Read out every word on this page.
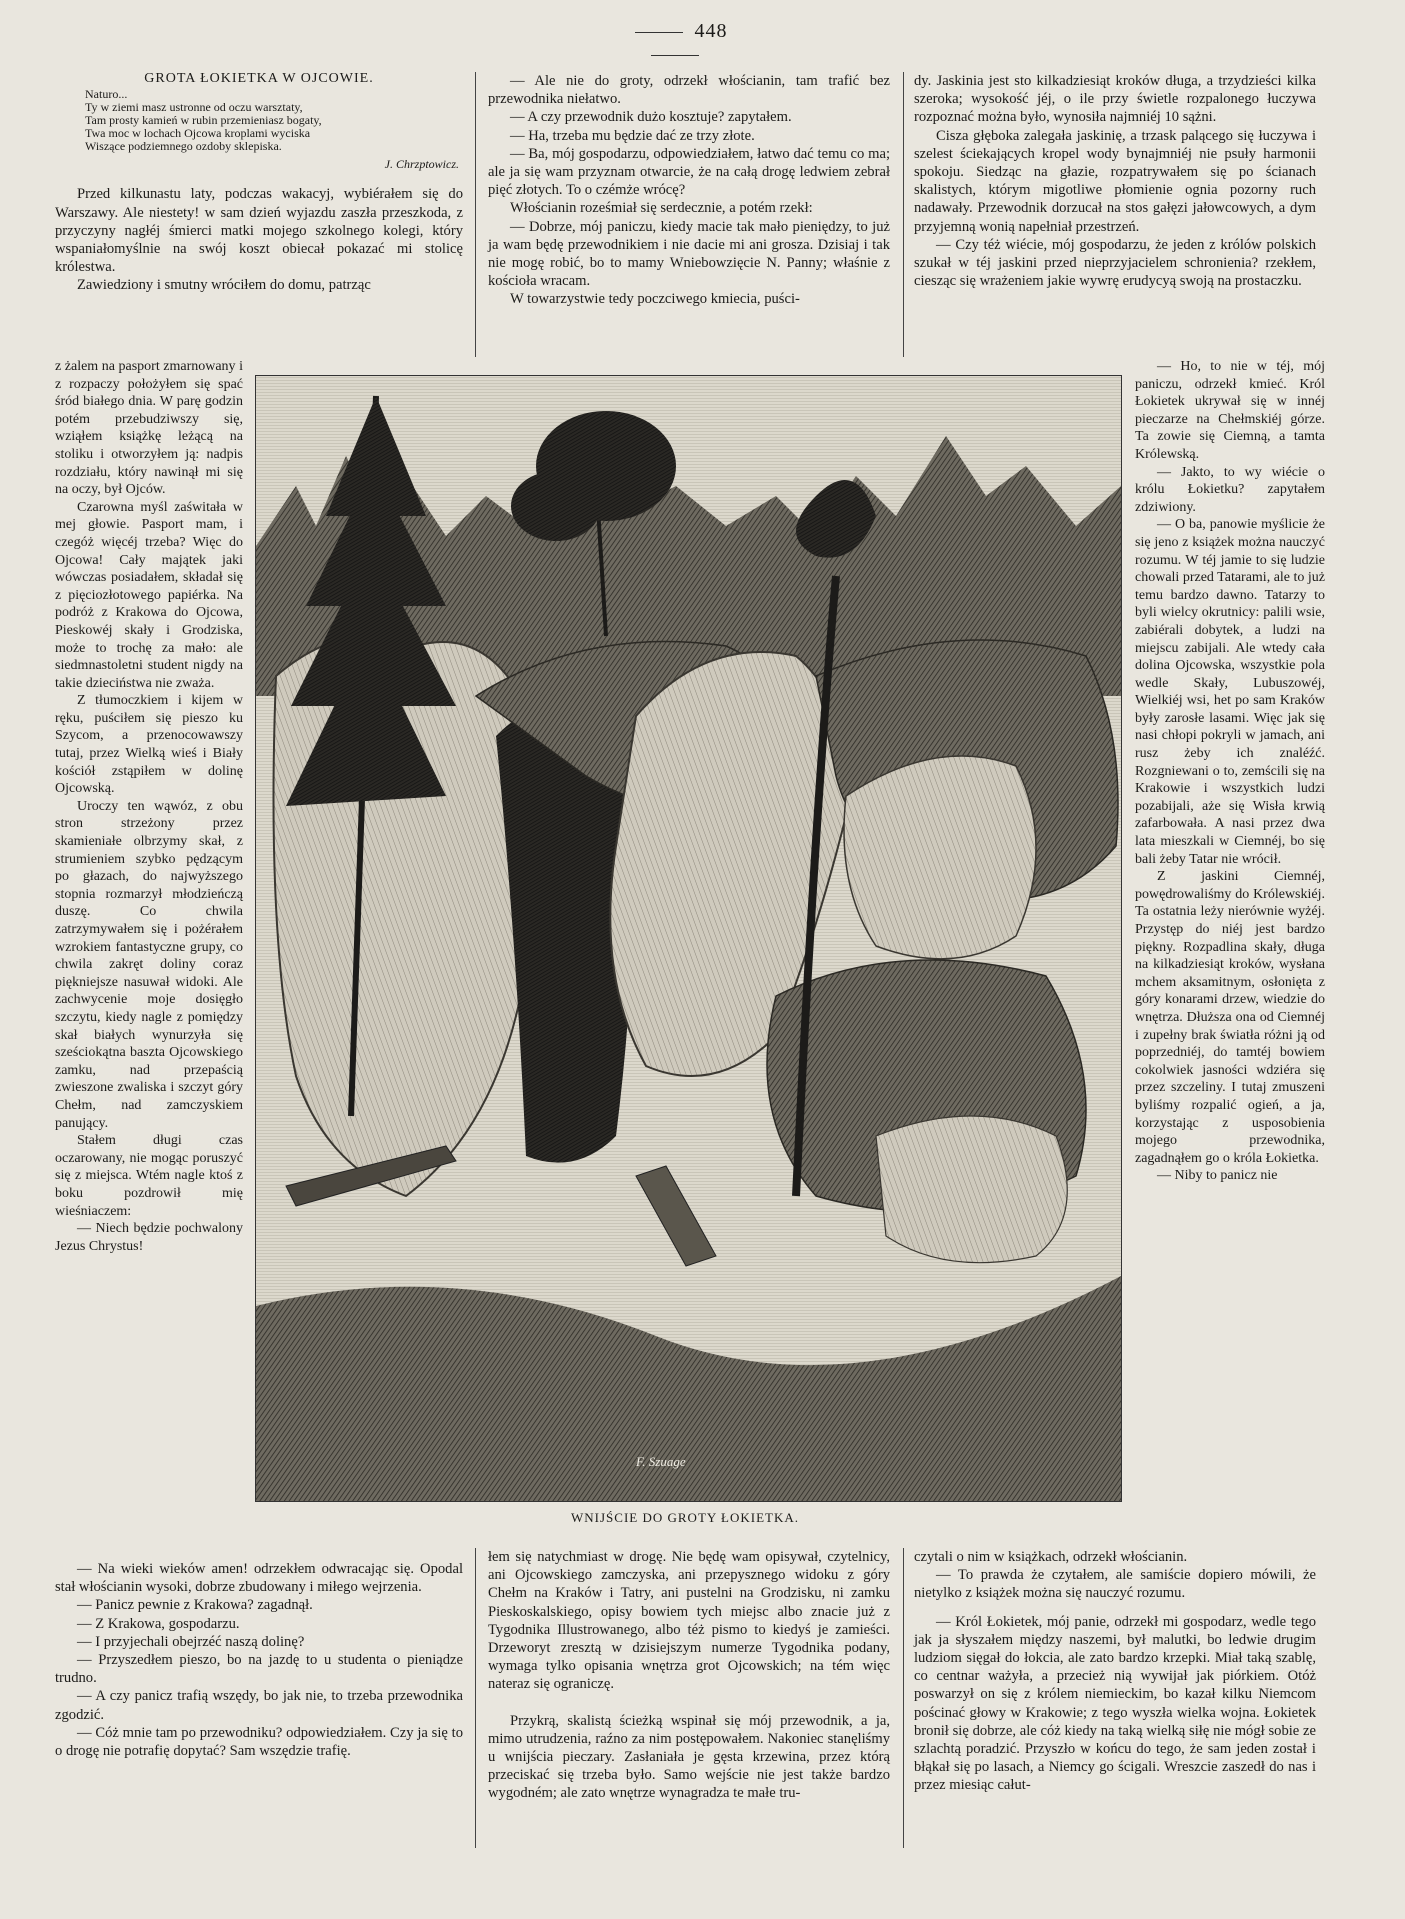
448

GROTA ŁOKIETKA W OJCOWIE.

Naturo...
Ty w ziemi masz ustronne od oczu warsztaty,
Tam prosty kamień w rubin przemieniasz bogaty,
Twa moc w lochach Ojcowa kroplami wyciska
Wiszące podziemnego ozdoby sklepiska.
J. Chrzptowicz.

Przed kilkunastu laty, podczas wakacyj, wybiérałem się do Warszawy. Ale niestety! w sam dzień wyjazdu zaszła przeszkoda, z przyczyny nagłéj śmierci matki mojego szkolnego kolegi, który wspaniałomyślnie na swój koszt obiecał pokazać mi stolicę królestwa.

Zawiedziony i smutny wróciłem do domu, patrząc

z żalem na pasport zmarnowany i z rozpaczy położyłem się spać śród białego dnia. W parę godzin potém przebudziwszy się, wziąłem książkę leżącą na stoliku i otworzyłem ją: nadpis rozdziału, który nawinął mi się na oczy, był Ojców.

Czarowna myśl zaświtała w mej głowie. Pasport mam, i czegóż więcéj trzeba? Więc do Ojcowa! Cały majątek jaki wówczas posiadałem, składał się z pięciozłotowego papiérka. Na podróż z Krakowa do Ojcowa, Pieskowéj skały i Grodziska, może to trochę za mało: ale siedmnastoletni student nigdy na takie dzieciństwa nie zważa.

Z tłumoczkiem i kijem w ręku, puściłem się pieszo ku Szycom, a przenocowawszy tutaj, przez Wielką wieś i Biały kościół zstąpiłem w dolinę Ojcowską.

Uroczy ten wąwóz, z obu stron strzeżony przez skamieniałe olbrzymy skał, z strumieniem szybko pędzącym po głazach, do najwyższego stopnia rozmarzył młodzieńczą duszę. Co chwila zatrzymywałem się i pożérałem wzrokiem fantastyczne grupy, co chwila zakręt doliny coraz piękniejsze nasuwał widoki. Ale zachwycenie moje dosięgło szczytu, kiedy nagle z pomiędzy skał białych wynurzyła się sześciokątna baszta Ojcowskiego zamku, nad przepaścią zwieszone zwaliska i szczyt góry Chełm, nad zamczyskiem panujący.

Stałem długi czas oczarowany, nie mogąc poruszyć się z miejsca. Wtém nagle ktoś z boku pozdrowił mię wieśniaczem:

— Niech będzie pochwalony Jezus Chrystus!

— Na wieki wieków amen! odrzekłem odwracając się. Opodal stał włościanin wysoki, dobrze zbudowany i miłego wejrzenia.

— Panicz pewnie z Krakowa? zagadnął.

— Z Krakowa, gospodarzu.

— I przyjechali obejrzéć naszą dolinę?

— Przyszedłem pieszo, bo na jazdę to u studenta o pieniądze trudno.

— A czy panicz trafią wszędy, bo jak nie, to trzeba przewodnika zgodzić.

— Cóż mnie tam po przewodniku? odpowiedziałem. Czy ja się to o drogę nie potrafię dopytać? Sam wszędzie trafię.

— Ale nie do groty, odrzekł włościanin, tam trafić bez przewodnika niełatwo.

— A czy przewodnik dużo kosztuje? zapytałem.

— Ha, trzeba mu będzie dać ze trzy złote.

— Ba, mój gospodarzu, odpowiedziałem, łatwo dać temu co ma; ale ja się wam przyznam otwarcie, że na całą drogę ledwiem zebrał pięć złotych. To o czémże wrócę?

Włościanin roześmiał się serdecznie, a potém rzekł:

— Dobrze, mój paniczu, kiedy macie tak mało pieniędzy, to już ja wam będę przewodnikiem i nie dacie mi ani grosza. Dzisiaj i tak nie mogę robić, bo to mamy Wniebowzięcie N. Panny; właśnie z kościoła wracam.

W towarzystwie tedy poczciwego kmiecia, puści-

łem się natychmiast w drogę. Nie będę wam opisywał, czytelnicy, ani Ojcowskiego zamczyska, ani przepysznego widoku z góry Chełm na Kraków i Tatry, ani pustelni na Grodzisku, ni zamku Pieskoskalskiego, opisy bowiem tych miejsc albo znacie już z Tygodnika Illustrowanego, albo téż pismo to kiedyś je zamieści. Drzeworyt zresztą w dzisiejszym numerze Tygodnika podany, wymaga tylko opisania wnętrza grot Ojcowskich; na tém więc nateraz się ograniczę.

Przykrą, skalistą ścieżką wspinał się mój przewodnik, a ja, mimo utrudzenia, raźno za nim postępowałem. Nakoniec stanęliśmy u wnijścia pieczary. Zasłaniała je gęsta krzewina, przez którą przeciskać się trzeba było. Samo wejście nie jest także bardzo wygodném; ale zato wnętrze wynagradza te małe tru-

dy. Jaskinia jest sto kilkadziesiąt kroków długa, a trzydzieści kilka szeroka; wysokość jéj, o ile przy świetle rozpalonego łuczywa rozpoznać można było, wynosiła najmniéj 10 sążni.

Cisza głęboka zalegała jaskinię, a trzask palącego się łuczywa i szelest ściekających kropel wody bynajmniéj nie psuły harmonii spokoju. Siedząc na głazie, rozpatrywałem się po ścianach skalistych, którym migotliwe płomienie ognia pozorny ruch nadawały. Przewodnik dorzucał na stos gałęzi jałowcowych, a dym przyjemną wonią napełniał przestrzeń.

— Czy téż wiécie, mój gospodarzu, że jeden z królów polskich szukał w téj jaskini przed nieprzyjacielem schronienia? rzekłem, ciesząc się wrażeniem jakie wywrę erudycyą swoją na prostaczku.

— Ho, to nie w téj, mój paniczu, odrzekł kmieć. Król Łokietek ukrywał się w innéj pieczarze na Chełmskiéj górze. Ta zowie się Ciemną, a tamta Królewską.

— Jakto, to wy wiécie o królu Łokietku? zapytałem zdziwiony.

— O ba, panowie myślicie że się jeno z książek można nauczyć rozumu. W téj jamie to się ludzie chowali przed Tatarami, ale to już temu bardzo dawno. Tatarzy to byli wielcy okrutnicy: palili wsie, zabiérali dobytek, a ludzi na miejscu zabijali. Ale wtedy cała dolina Ojcowska, wszystkie pola wedle Skały, Lubuszowéj, Wielkiéj wsi, het po sam Kraków były zarosłe lasami. Więc jak się nasi chłopi pokryli w jamach, ani rusz żeby ich znaléźć. Rozgniewani o to, zemścili się na Krakowie i wszystkich ludzi pozabijali, aże się Wisła krwią zafarbowała. A nasi przez dwa lata mieszkali w Ciemnéj, bo się bali żeby Tatar nie wrócił.

Z jaskini Ciemnéj, powędrowaliśmy do Królewskiéj. Ta ostatnia leży nierównie wyżéj. Przystęp do niéj jest bardzo piękny. Rozpadlina skały, długa na kilkadziesiąt kroków, wysłana mchem aksamitnym, osłonięta z góry konarami drzew, wiedzie do wnętrza. Dłuższa ona od Ciemnéj i zupełny brak światła różni ją od poprzedniéj, do tamtéj bowiem cokolwiek jasności wdziéra się przez szczeliny. I tutaj zmuszeni byliśmy rozpalić ogień, a ja, korzystając z usposobienia mojego przewodnika, zagadnąłem go o króla Łokietka.

— Niby to panicz nie

czytali o nim w książkach, odrzekł włościanin.

— To prawda że czytałem, ale samiście dopiero mówili, że nietylko z książek można się nauczyć rozumu.

— Król Łokietek, mój panie, odrzekł mi gospodarz, wedle tego jak ja słyszałem między naszemi, był malutki, bo ledwie drugim ludziom sięgał do łokcia, ale zato bardzo krzepki. Miał taką szablę, co centnar ważyła, a przecież nią wywijał jak piórkiem. Otóż poswarzył on się z królem niemieckim, bo kazał kilku Niemcom pościnać głowy w Krakowie; z tego wyszła wielka wojna. Łokietek bronił się dobrze, ale cóż kiedy na taką wielką siłę nie mógł sobie ze szlachtą poradzić. Przyszło w końcu do tego, że sam jeden został i błąkał się po lasach, a Niemcy go ścigali. Wreszcie zaszedł do nas i przez miesiąc całut-

F. Szuage
WNIJŚCIE DO GROTY ŁOKIETKA.
